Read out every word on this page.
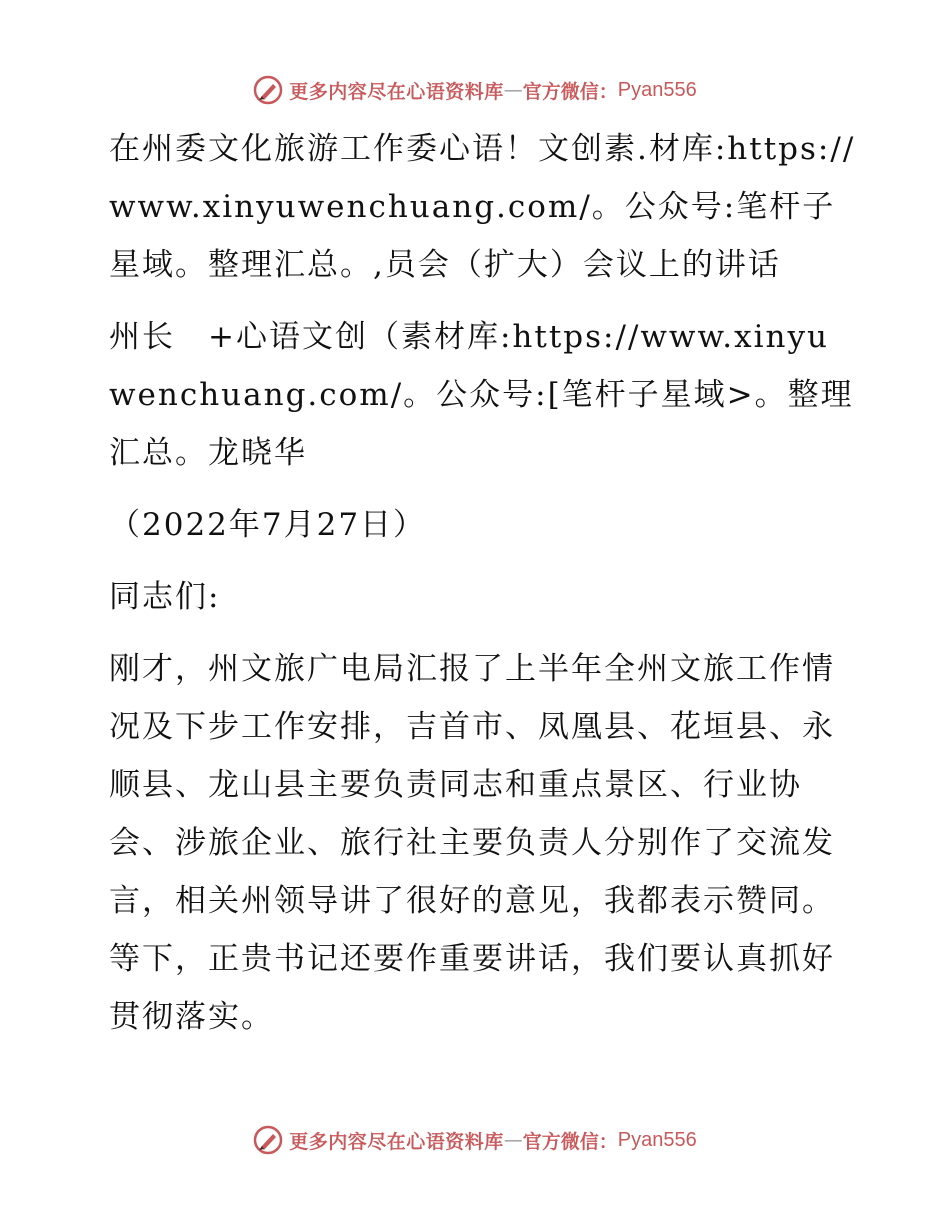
更多内容尽在心语资料库 — 官方微信： Pyan556

在州委文化旅游工作委心语！文创素.材库:https://www.xinyuwenchuang.com/。公众号:笔杆子星域。整理汇总。,员会（扩大）会议上的讲话

州长　+心语文创（素材库:https://www.xinyuwenchuang.com/。公众号:[笔杆子星域>。整理汇总。龙晓华

（2022年7月27日）

同志们:

刚才，州文旅广电局汇报了上半年全州文旅工作情况及下步工作安排，吉首市、凤凰县、花垣县、永顺县、龙山县主要负责同志和重点景区、行业协会、涉旅企业、旅行社主要负责人分别作了交流发言，相关州领导讲了很好的意见，我都表示赞同。等下，正贵书记还要作重要讲话，我们要认真抓好贯彻落实。

更多内容尽在心语资料库 — 官方微信： Pyan556
